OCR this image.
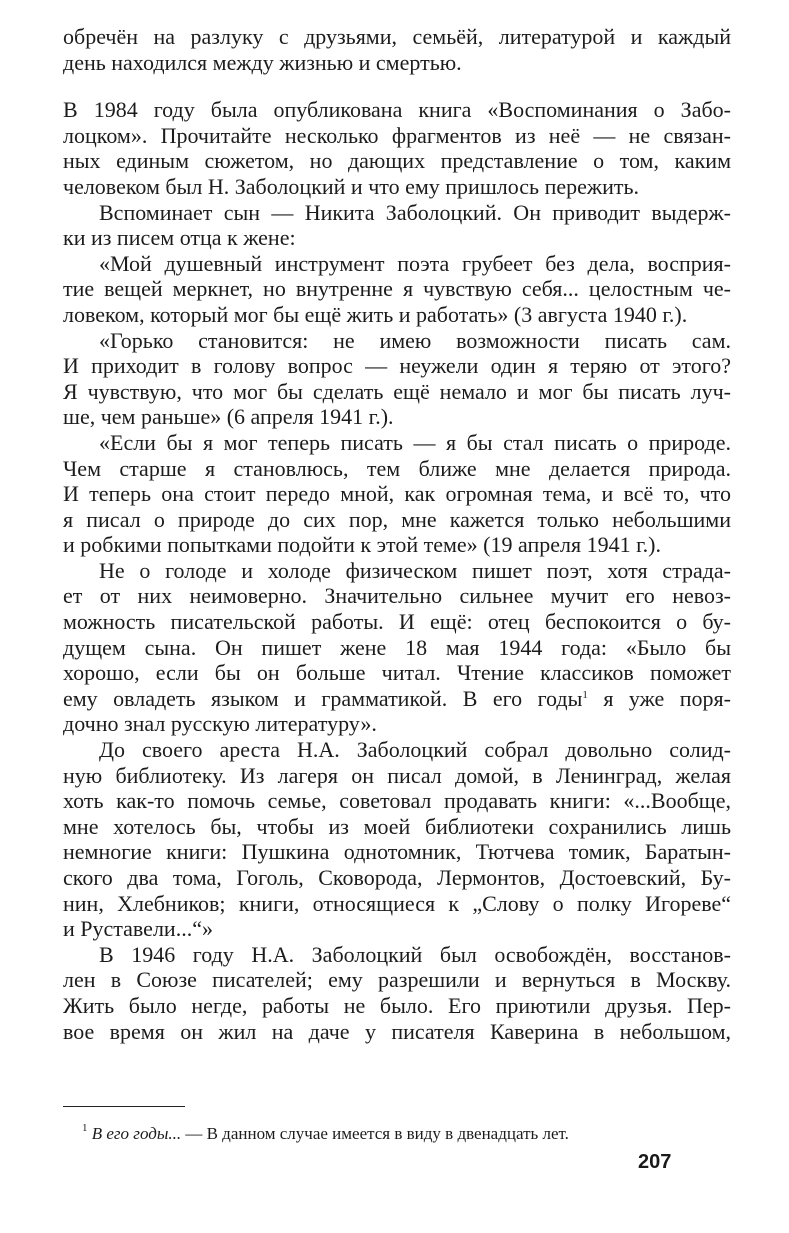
обречён на разлуку с друзьями, семьёй, литературой и каждый
день находился между жизнью и смертью.
В 1984 году была опубликована книга «Воспоминания о Забо-
лоцком». Прочитайте несколько фрагментов из неё — не связан-
ных единым сюжетом, но дающих представление о том, каким
человеком был Н. Заболоцкий и что ему пришлось пережить.
Вспоминает сын — Никита Заболоцкий. Он приводит выдерж-
ки из писем отца к жене:
«Мой душевный инструмент поэта грубеет без дела, восприя-
тие вещей меркнет, но внутренне я чувствую себя... целостным че-
ловеком, который мог бы ещё жить и работать» (3 августа 1940 г.).
«Горько становится: не имею возможности писать сам.
И приходит в голову вопрос — неужели один я теряю от этого?
Я чувствую, что мог бы сделать ещё немало и мог бы писать луч-
ше, чем раньше» (6 апреля 1941 г.).
«Если бы я мог теперь писать — я бы стал писать о природе.
Чем старше я становлюсь, тем ближе мне делается природа.
И теперь она стоит передо мной, как огромная тема, и всё то, что
я писал о природе до сих пор, мне кажется только небольшими
и робкими попытками подойти к этой теме» (19 апреля 1941 г.).
Не о голоде и холоде физическом пишет поэт, хотя страда-
ет от них неимоверно. Значительно сильнее мучит его невоз-
можность писательской работы. И ещё: отец беспокоится о бу-
дущем сына. Он пишет жене 18 мая 1944 года: «Было бы
хорошо, если бы он больше читал. Чтение классиков поможет
ему овладеть языком и грамматикой. В его годы$^1$ я уже поря-
дочно знал русскую литературу».
До своего ареста Н.А. Заболоцкий собрал довольно солид-
ную библиотеку. Из лагеря он писал домой, в Ленинград, желая
хоть как-то помочь семье, советовал продавать книги: «...Вообще,
мне хотелось бы, чтобы из моей библиотеки сохранились лишь
немногие книги: Пушкина однотомник, Тютчева томик, Баратын-
ского два тома, Гоголь, Сковорода, Лермонтов, Достоевский, Бу-
нин, Хлебников; книги, относящиеся к „Слову о полку Игореве“
и Руставели...“»
В 1946 году Н.А. Заболоцкий был освобождён, восстанов-
лен в Союзе писателей; ему разрешили и вернуться в Москву.
Жить было негде, работы не было. Его приютили друзья. Пер-
вое время он жил на даче у писателя Каверина в небольшом,
$^1$ В его годы... — В данном случае имеется в виду в двенадцать лет.
207
